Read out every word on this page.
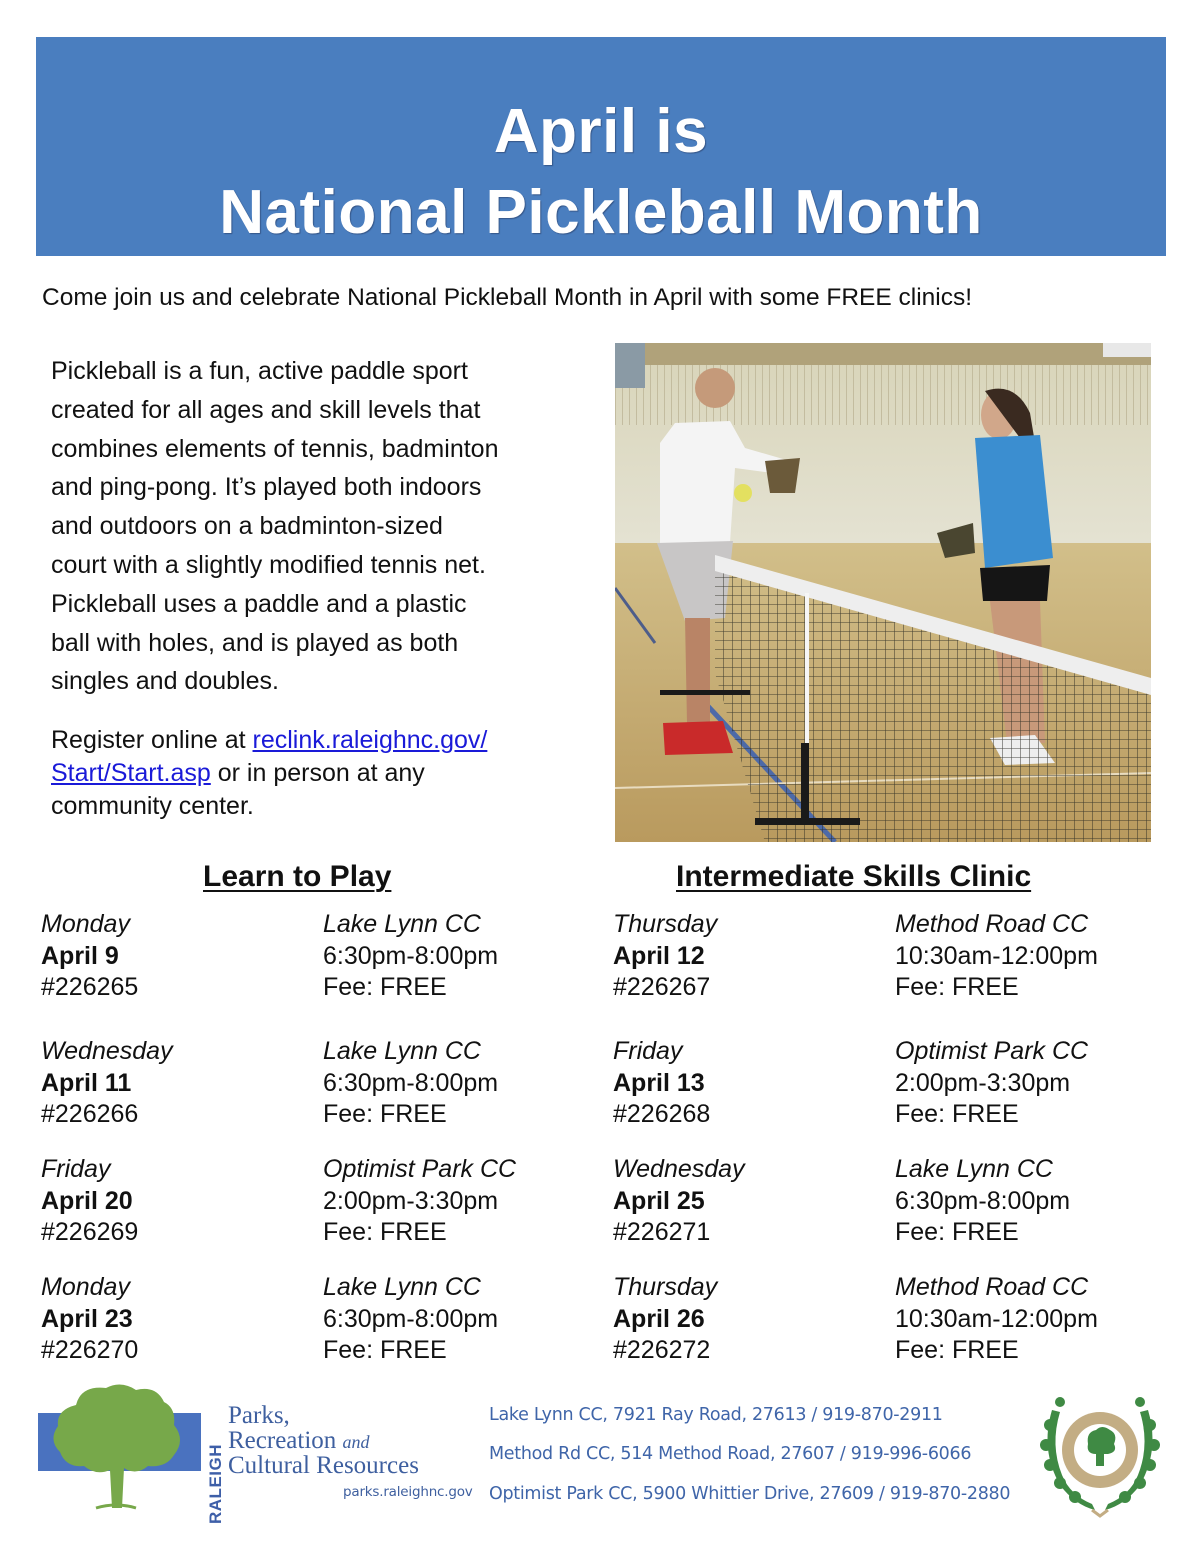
April is
National Pickleball Month
Come join us and celebrate National Pickleball Month in April with some FREE clinics!
Pickleball is a fun, active paddle sport
created for all ages and skill levels that
combines elements of tennis, badminton
and ping-pong. It’s played both indoors
and outdoors on a badminton-sized
court with a slightly modified tennis net.
Pickleball uses a paddle and a plastic
ball with holes, and is played as both
singles and doubles.
Register online at reclink.raleighnc.gov/
Start/Start.asp or in person at any
community center.
Learn to Play	Intermediate Skills Clinic
Monday
April 9
#226265
Lake Lynn CC
6:30pm-8:00pm
Fee: FREE
Wednesday
April 11
#226266
Lake Lynn CC
6:30pm-8:00pm
Fee: FREE
Friday
April 20
#226269
Optimist Park CC
2:00pm-3:30pm
Fee: FREE
Monday
April 23
#226270
Lake Lynn CC
6:30pm-8:00pm
Fee: FREE
Thursday
April 12
#226267
Method Road CC
10:30am-12:00pm
Fee: FREE
Friday
April 13
#226268
Optimist Park CC
2:00pm-3:30pm
Fee: FREE
Wednesday
April 25
#226271
Lake Lynn CC
6:30pm-8:00pm
Fee: FREE
Thursday
April 26
#226272
Method Road CC
10:30am-12:00pm
Fee: FREE
RALEIGH
Parks,
Recreation and
Cultural Resources
parks.raleighnc.gov
Lake Lynn CC, 7921 Ray Road, 27613 / 919-870-2911
Method Rd CC, 514 Method Road, 27607 / 919-996-6066
Optimist Park CC, 5900 Whittier Drive, 27609 / 919-870-2880
